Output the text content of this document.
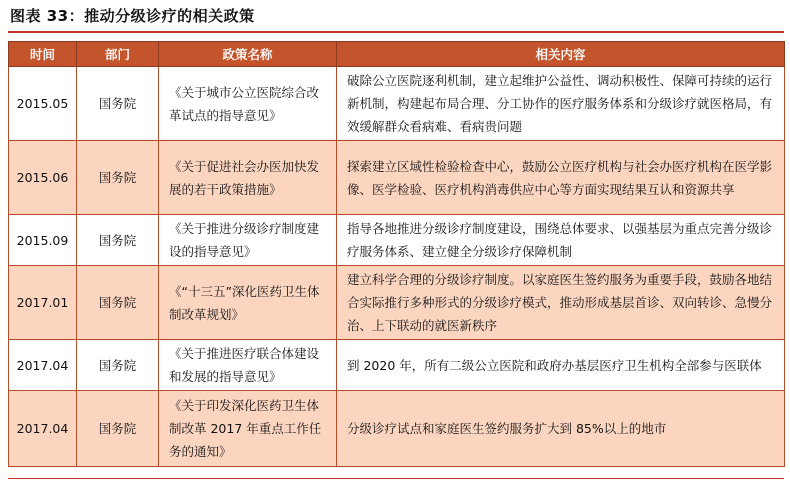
图表 33：推动分级诊疗的相关政策
时间	部门	政策名称	相关内容
2015.05	国务院	《关于城市公立医院综合改革试点的指导意见》	破除公立医院逐利机制，建立起维护公益性、调动积极性、保障可持续的运行新机制，构建起布局合理、分工协作的医疗服务体系和分级诊疗就医格局，有效缓解群众看病难、看病贵问题
2015.06	国务院	《关于促进社会办医加快发展的若干政策措施》	探索建立区域性检验检查中心，鼓励公立医疗机构与社会办医疗机构在医学影像、医学检验、医疗机构消毒供应中心等方面实现结果互认和资源共享
2015.09	国务院	《关于推进分级诊疗制度建设的指导意见》	指导各地推进分级诊疗制度建设，围绕总体要求、以强基层为重点完善分级诊疗服务体系、建立健全分级诊疗保障机制
2017.01	国务院	《“十三五”深化医药卫生体制改革规划》	建立科学合理的分级诊疗制度。以家庭医生签约服务为重要手段，鼓励各地结合实际推行多种形式的分级诊疗模式，推动形成基层首诊、双向转诊、急慢分治、上下联动的就医新秩序
2017.04	国务院	《关于推进医疗联合体建设和发展的指导意见》	到 2020 年，所有二级公立医院和政府办基层医疗卫生机构全部参与医联体
2017.04	国务院	《关于印发深化医药卫生体制改革 2017 年重点工作任务的通知》	分级诊疗试点和家庭医生签约服务扩大到 85%以上的地市
